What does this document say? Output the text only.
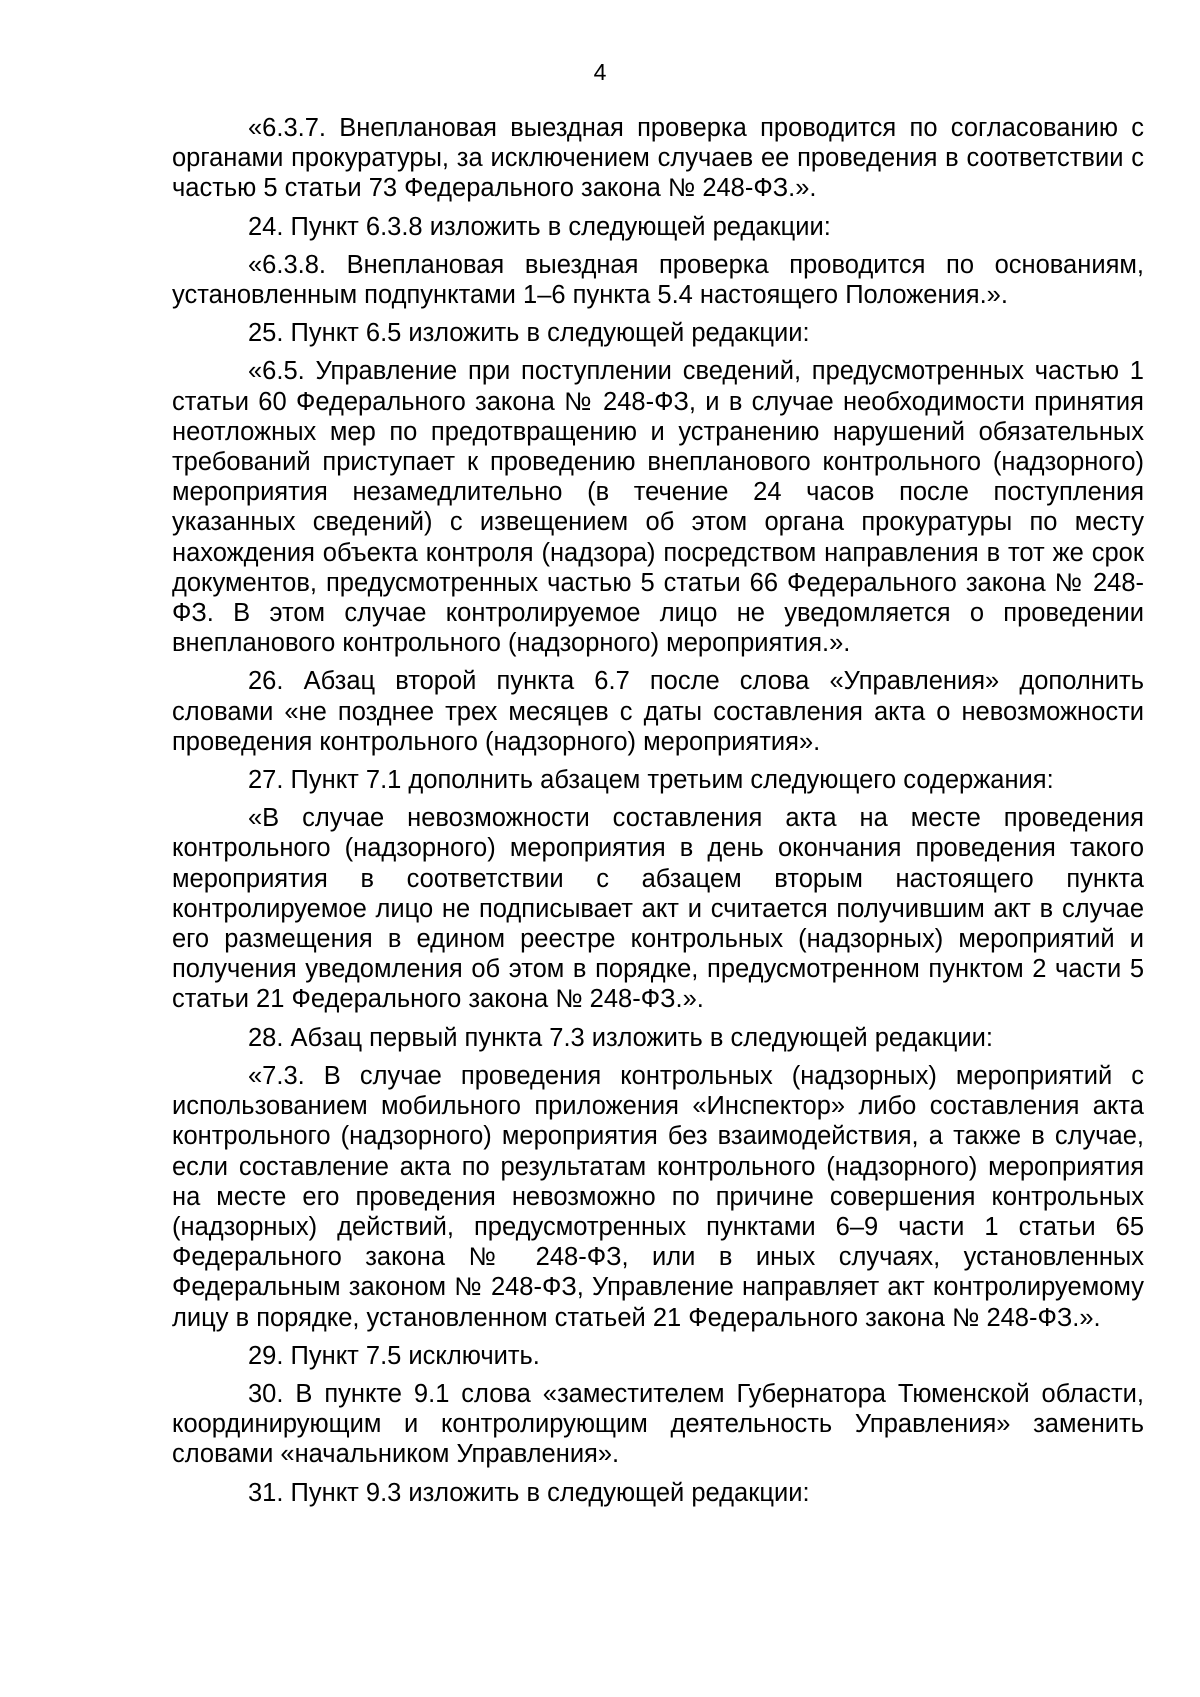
4

«6.3.7. Внеплановая выездная проверка проводится по согласованию с органами прокуратуры, за исключением случаев ее проведения в соответствии с частью 5 статьи 73 Федерального закона № 248-ФЗ.».

24. Пункт 6.3.8 изложить в следующей редакции:

«6.3.8. Внеплановая выездная проверка проводится по основаниям, установленным подпунктами 1–6 пункта 5.4 настоящего Положения.».

25. Пункт 6.5 изложить в следующей редакции:

«6.5. Управление при поступлении сведений, предусмотренных частью 1 статьи 60 Федерального закона № 248-ФЗ, и в случае необходимости принятия неотложных мер по предотвращению и устранению нарушений обязательных требований приступает к проведению внепланового контрольного (надзорного) мероприятия незамедлительно (в течение 24 часов после поступления указанных сведений) с извещением об этом органа прокуратуры по месту нахождения объекта контроля (надзора) посредством направления в тот же срок документов, предусмотренных частью 5 статьи 66 Федерального закона № 248-ФЗ. В этом случае контролируемое лицо не уведомляется о проведении внепланового контрольного (надзорного) мероприятия.».

26. Абзац второй пункта 6.7 после слова «Управления» дополнить словами «не позднее трех месяцев с даты составления акта о невозможности проведения контрольного (надзорного) мероприятия».

27. Пункт 7.1 дополнить абзацем третьим следующего содержания:

«В случае невозможности составления акта на месте проведения контрольного (надзорного) мероприятия в день окончания проведения такого мероприятия в соответствии с абзацем вторым настоящего пункта контролируемое лицо не подписывает акт и считается получившим акт в случае его размещения в едином реестре контрольных (надзорных) мероприятий и получения уведомления об этом в порядке, предусмотренном пунктом 2 части 5 статьи 21 Федерального закона № 248-ФЗ.».

28. Абзац первый пункта 7.3 изложить в следующей редакции:

«7.3. В случае проведения контрольных (надзорных) мероприятий с использованием мобильного приложения «Инспектор» либо составления акта контрольного (надзорного) мероприятия без взаимодействия, а также в случае, если составление акта по результатам контрольного (надзорного) мероприятия на месте его проведения невозможно по причине совершения контрольных (надзорных) действий, предусмотренных пунктами 6–9 части 1 статьи 65 Федерального закона № 248-ФЗ, или в иных случаях, установленных Федеральным законом № 248-ФЗ, Управление направляет акт контролируемому лицу в порядке, установленном статьей 21 Федерального закона № 248-ФЗ.».

29. Пункт 7.5 исключить.

30. В пункте 9.1 слова «заместителем Губернатора Тюменской области, координирующим и контролирующим деятельность Управления» заменить словами «начальником Управления».

31. Пункт 9.3 изложить в следующей редакции:
